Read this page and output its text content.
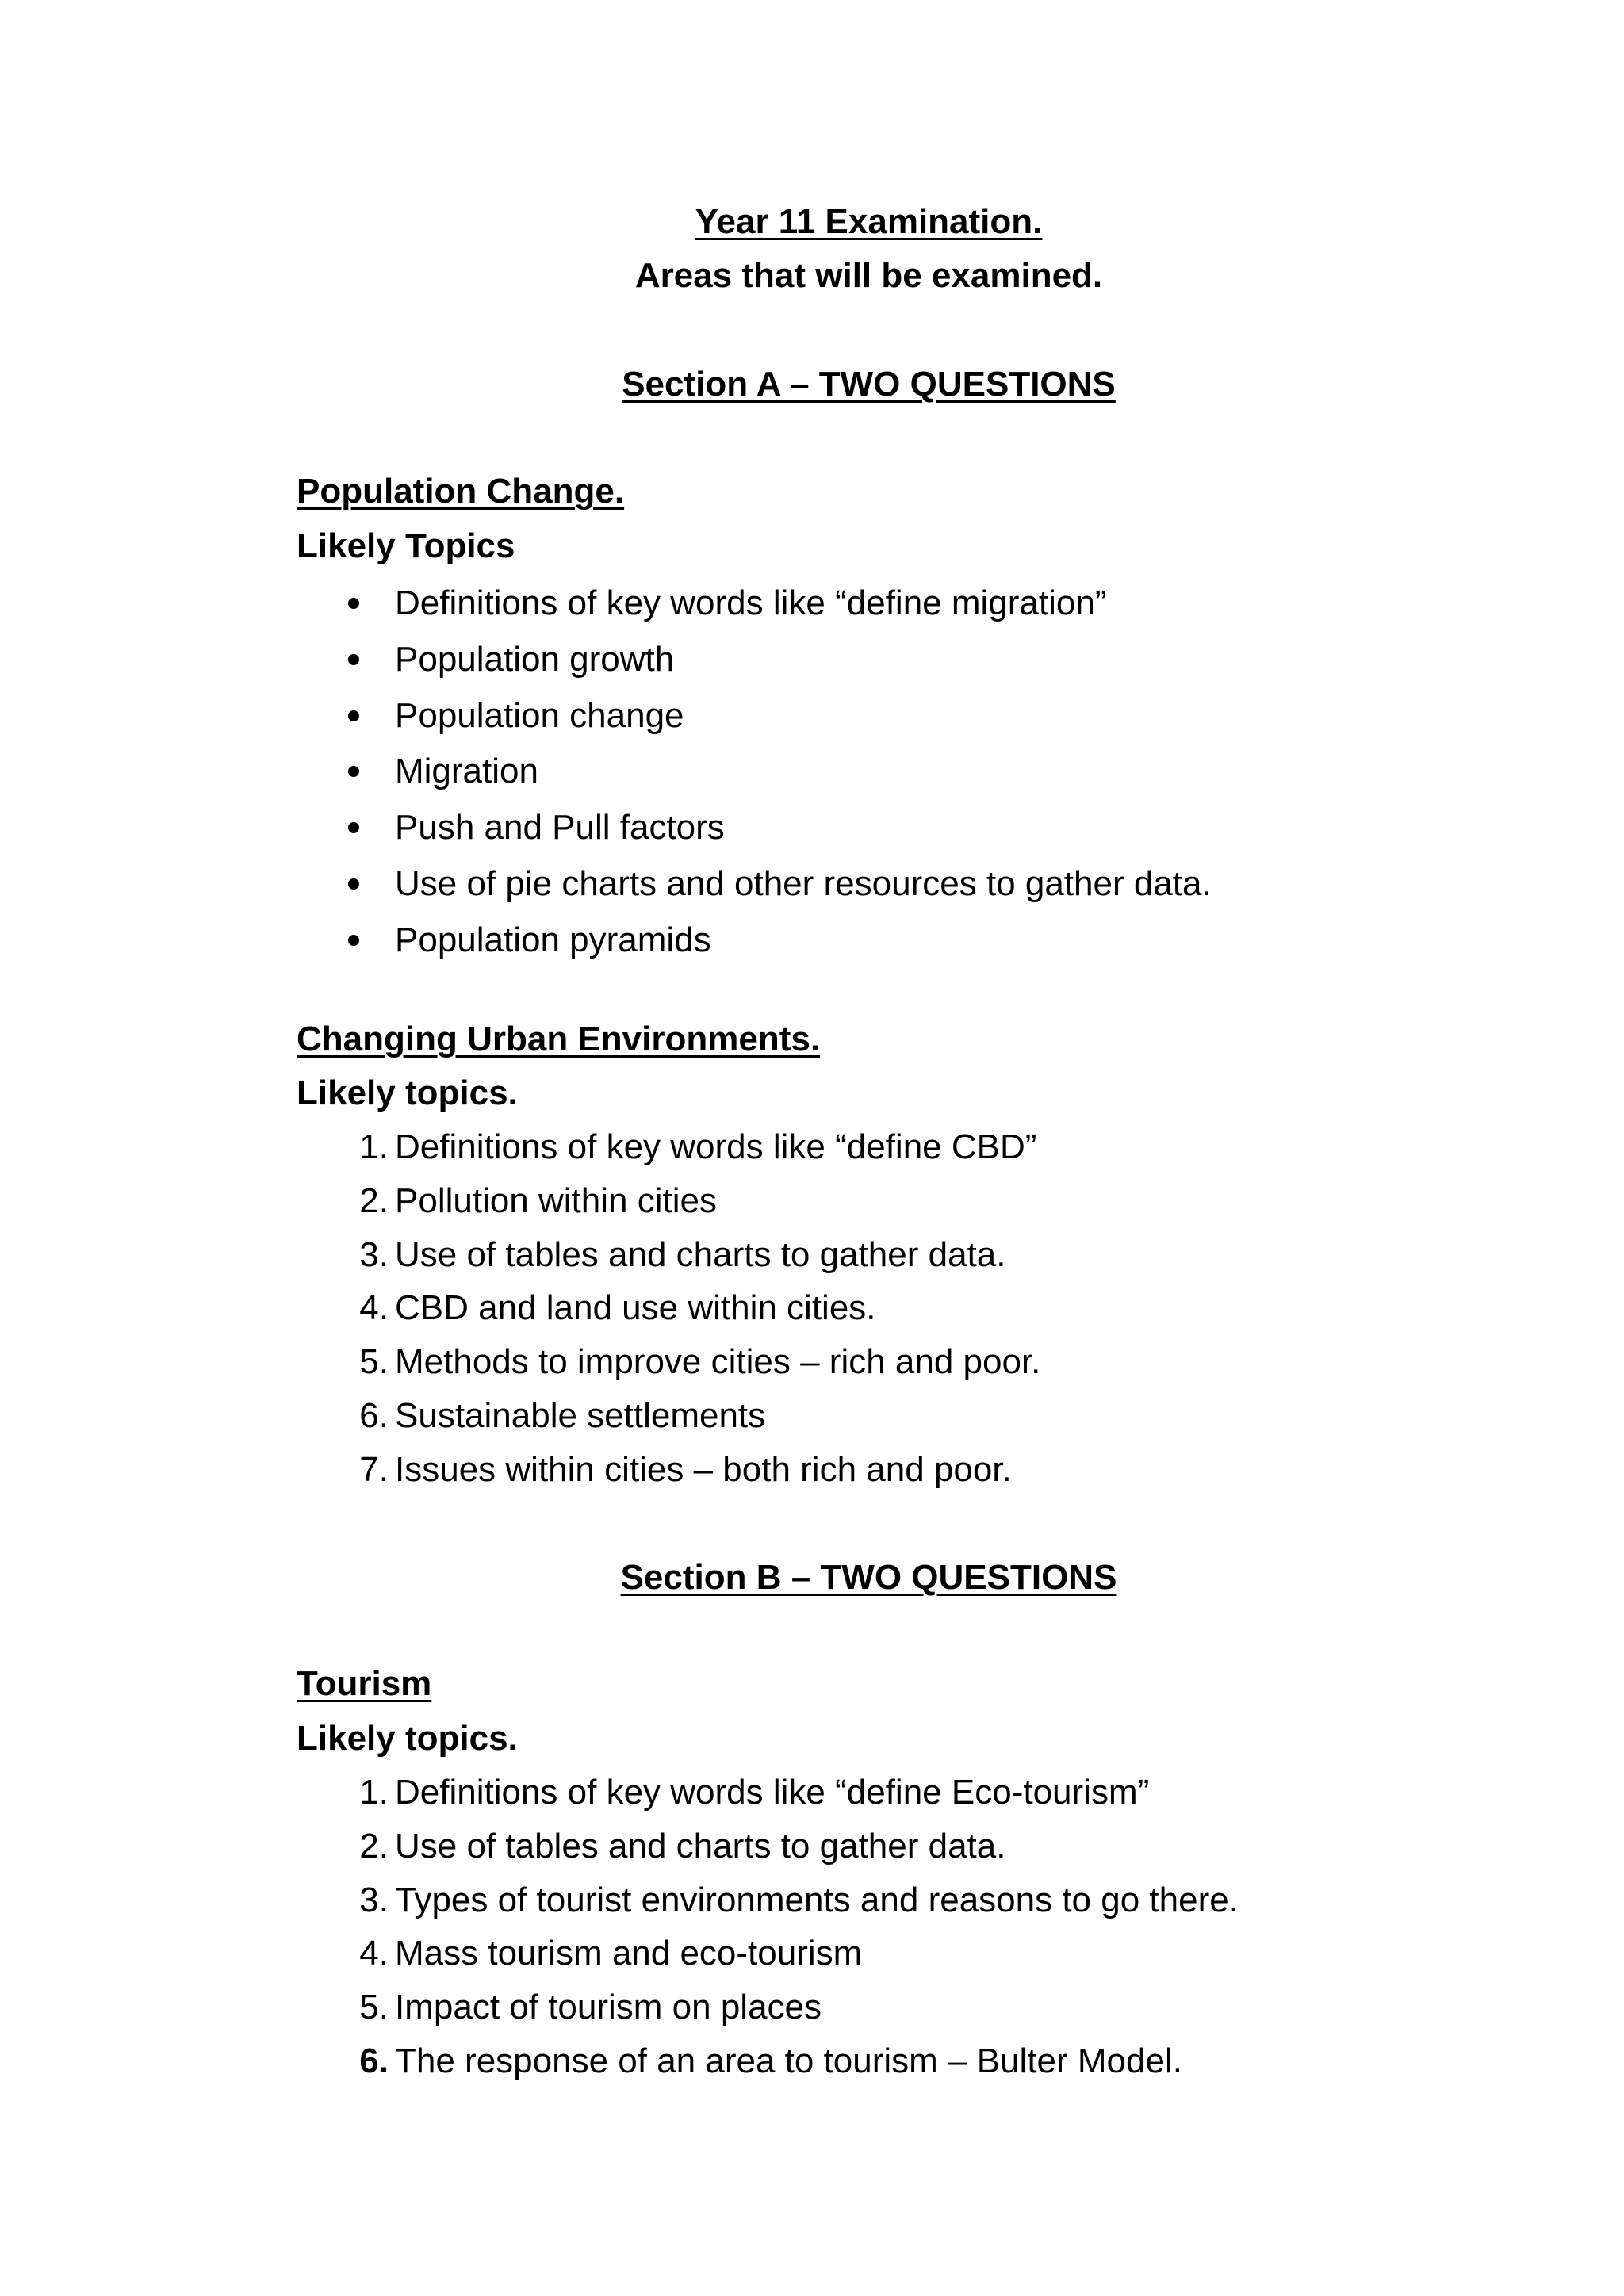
Year 11 Examination.
Areas that will be examined.
Section A – TWO QUESTIONS
Population Change.
Likely Topics
Definitions of key words like “define migration”
Population growth
Population change
Migration
Push and Pull factors
Use of pie charts and other resources to gather data.
Population pyramids
Changing Urban Environments.
Likely topics.
1. Definitions of key words like “define CBD”
2. Pollution within cities
3. Use of tables and charts to gather data.
4. CBD and land use within cities.
5. Methods to improve cities – rich and poor.
6. Sustainable settlements
7. Issues within cities – both rich and poor.
Section B – TWO QUESTIONS
Tourism
Likely topics.
1. Definitions of key words like “define Eco-tourism”
2. Use of tables and charts to gather data.
3. Types of tourist environments and reasons to go there.
4. Mass tourism and eco-tourism
5. Impact of tourism on places
6. The response of an area to tourism – Bulter Model.
